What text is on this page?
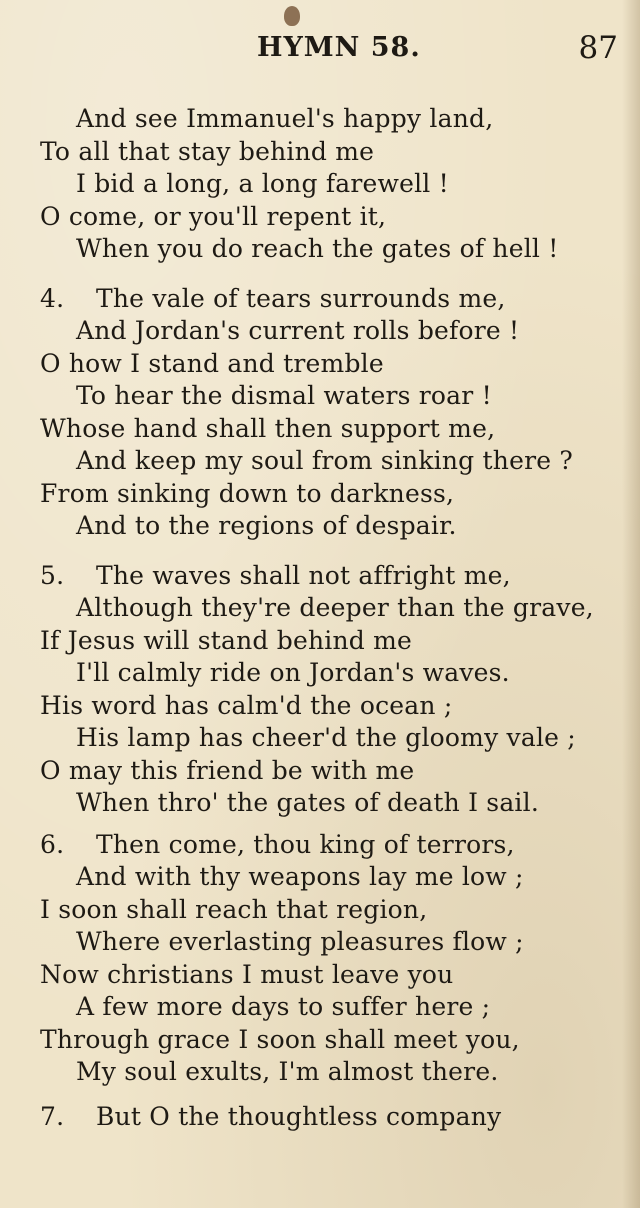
HYMN 58.	87
And see Immanuel's happy land,
To all that stay behind me
I bid a long, a long farewell !
O come, or you'll repent it,
When you do reach the gates of hell !
4. The vale of tears surrounds me,
And Jordan's current rolls before !
O how I stand and tremble
To hear the dismal waters roar !
Whose hand shall then support me,
And keep my soul from sinking there ?
From sinking down to darkness,
And to the regions of despair.
5. The waves shall not affright me,
Although they're deeper than the grave,
If Jesus will stand behind me
I'll calmly ride on Jordan's waves.
His word has calm'd the ocean ;
His lamp has cheer'd the gloomy vale ;
O may this friend be with me
When thro' the gates of death I sail.
6. Then come, thou king of terrors,
And with thy weapons lay me low ;
I soon shall reach that region,
Where everlasting pleasures flow ;
Now christians I must leave you
A few more days to suffer here ;
Through grace I soon shall meet you,
My soul exults, I'm almost there.
7. But O the thoughtless company
